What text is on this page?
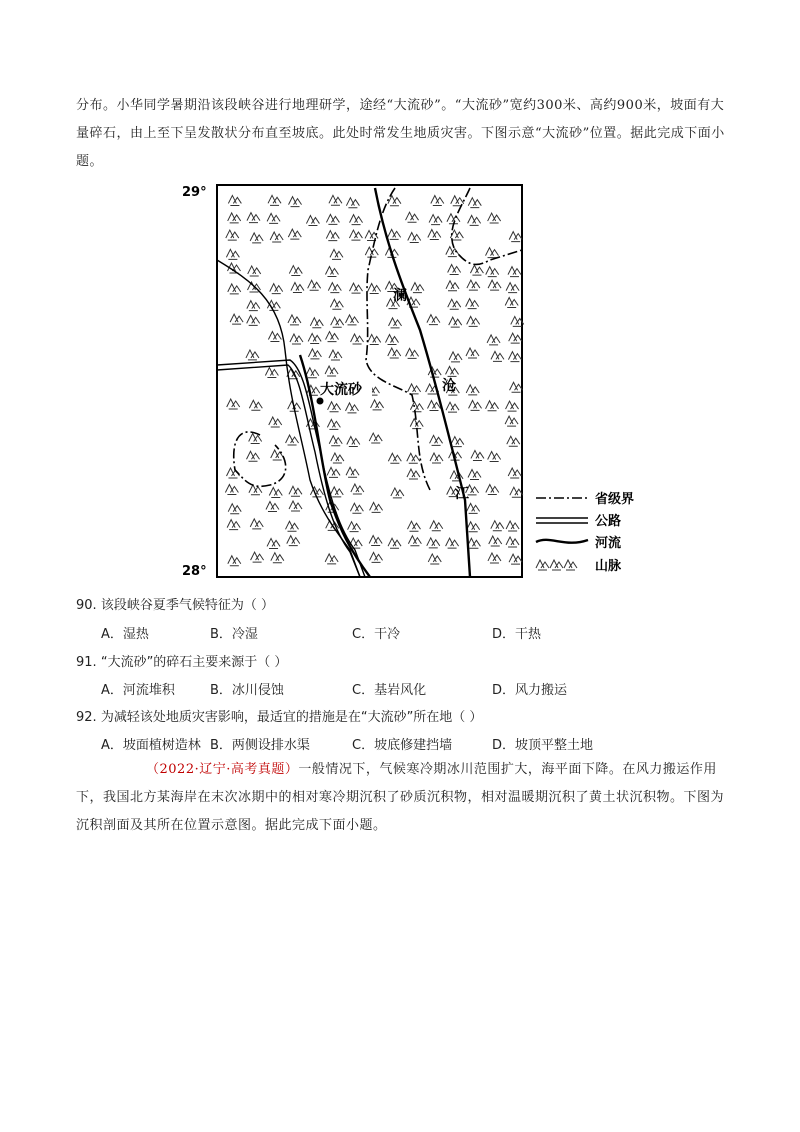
分布。小华同学暑期沿该段峡谷进行地理研学，途经“大流砂”。“大流砂”宽约300米、高约900米，坡面有大量碎石，由上至下呈发散状分布直至坡底。此处时常发生地质灾害。下图示意“大流砂”位置。据此完成下面小题。
29°
28°
澜
沧
江
大流砂
省级界
公路
河流
山脉
90. 该段峡谷夏季气候特征为（ ）
A．湿热	B．冷湿	C．干冷	D．干热
91. “大流砂”的碎石主要来源于（ ）
A．河流堆积	B．冰川侵蚀	C．基岩风化	D．风力搬运
92. 为减轻该处地质灾害影响，最适宜的措施是在“大流砂”所在地（ ）
A．坡面植树造林 B．两侧设排水渠	C．坡底修建挡墙	D．坡顶平整土地
（2022·辽宁·高考真题）一般情况下，气候寒冷期冰川范围扩大，海平面下降。在风力搬运作用下，我国北方某海岸在末次冰期中的相对寒冷期沉积了砂质沉积物，相对温暖期沉积了黄土状沉积物。下图为沉积剖面及其所在位置示意图。据此完成下面小题。
